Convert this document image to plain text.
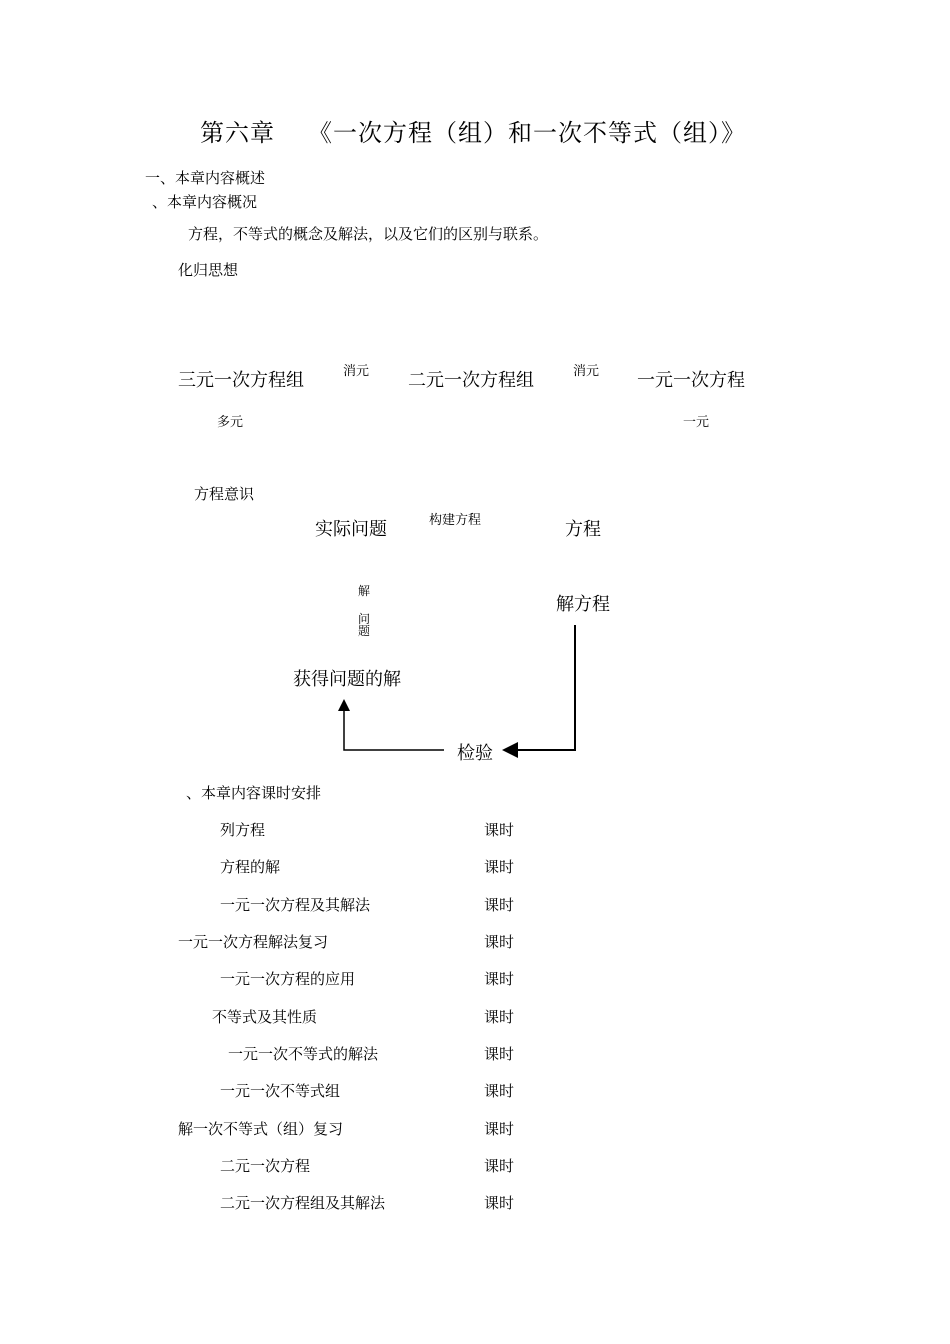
第六章 《一次方程（组）和一次不等式（组）》
一、本章内容概述
、本章内容概况
方程，不等式的概念及解法，以及它们的区别与联系。
化归思想
三元一次方程组	消元 二元一次方程组	消元 一元一次方程
多元	一元
方程意识
实际问题	构建方程	方程
解
问
题
解方程
获得问题的解
检验
、本章内容课时安排
列方程	课时
方程的解	课时
一元一次方程及其解法	课时
一元一次方程解法复习	课时
一元一次方程的应用	课时
不等式及其性质	课时
一元一次不等式的解法	课时
一元一次不等式组	课时
解一次不等式（组）复习	课时
二元一次方程	课时
二元一次方程组及其解法	课时
